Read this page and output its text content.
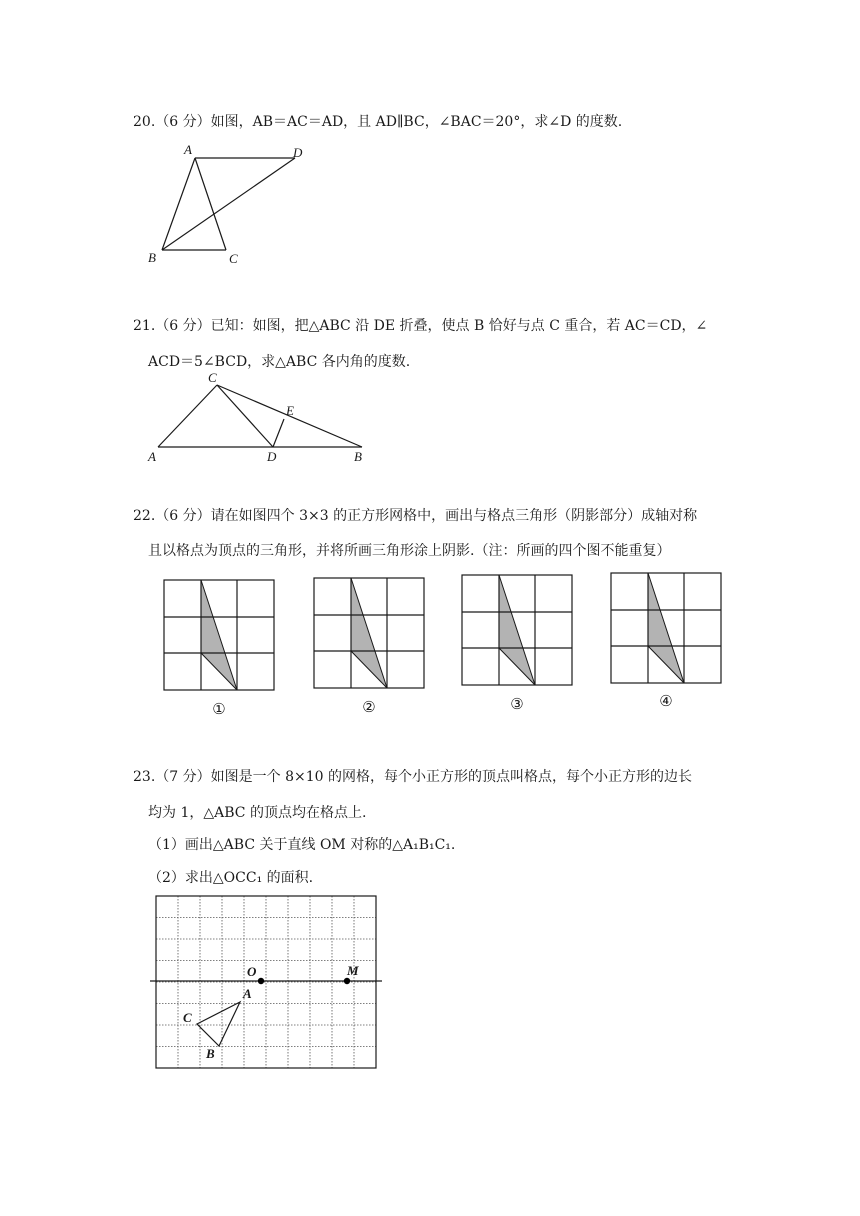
20.（6 分）如图，AB＝AC＝AD，且 AD∥BC，∠BAC＝20°，求∠D 的度数.
A	D
B	C
21.（6 分）已知：如图，把△ABC 沿 DE 折叠，使点 B 恰好与点 C 重合，若 AC＝CD，∠
ACD＝5∠BCD，求△ABC 各内角的度数.
C
E
A	D	B
22.（6 分）请在如图四个 3×3 的正方形网格中，画出与格点三角形（阴影部分）成轴对称
且以格点为顶点的三角形，并将所画三角形涂上阴影.（注：所画的四个图不能重复）
①	②	③	④
23.（7 分）如图是一个 8×10 的网格，每个小正方形的顶点叫格点，每个小正方形的边长
均为 1，△ABC 的顶点均在格点上.
（1）画出△ABC 关于直线 OM 对称的△A₁B₁C₁.
（2）求出△OCC₁ 的面积.
O	M
A
C
B
